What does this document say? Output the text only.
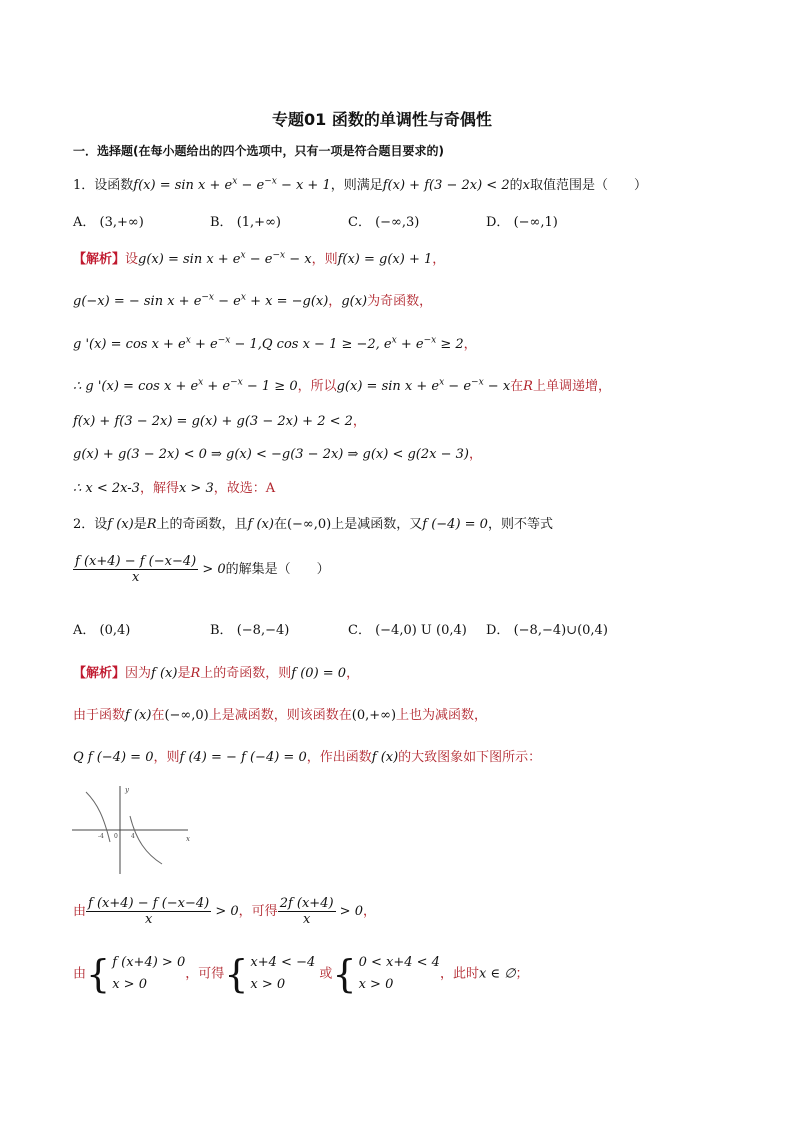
专题01 函数的单调性与奇偶性
一．选择题(在每小题给出的四个选项中，只有一项是符合题目要求的)
1．设函数$f(x) = \sin x + e^x - e^{-x} - x + 1$，则满足f(x) + f(3 − 2x) < 2的x取值范围是（　　）
A． (3,+∞)	B． (1,+∞)	C． (−∞,3)	D． (−∞,1)
【解析】设$g(x) = \sin x + e^x - e^{-x} - x$，则f(x) = g(x) + 1，
g(−x) = − $\sin x + e^{-x} - e^x + x = -g(x)$，g(x)为奇函数，
g '$(x) = \cos x + e^x + e^{-x} - 1,Q$ cos x − 1 ≥ −2, $e^x + e^{-x} \ge 2$，
∴ g '$(x) = \cos x + e^x + e^{-x} - 1 \ge 0$，所以$g(x) = \sin x + e^x - e^{-x} - x$在R上单调递增，
f(x) + f(3 − 2x) = g(x) + g(3 − 2x) + 2 < 2，
g(x) + g(3 − 2x) < 0 ⇒ g(x) < −g(3 − 2x) ⇒ g(x) < g(2x − 3)，
∴ x < 2x-3，解得x > 3，故选：A
2．设f (x)是R上的奇函数，且f (x)在(−∞,0)上是减函数，又f (−4) = 0，则不等式
$\frac{f (x+4) - f (-x-4)}{x} > 0$的解集是（　　）
A． (0,4)	B． (−8,−4)	C． (−4,0) U (0,4) D． (−8,−4)∪(0,4)
【解析】因为f (x)是R上的奇函数，则f (0) = 0，
由于函数f (x)在(−∞,0)上是减函数，则该函数在(0,+∞)上也为减函数，
Q f (−4) = 0，则f (4) = − f (−4) = 0，作出函数f (x)的大致图象如下图所示：
y
x
0
-4	4
由 $\frac{f (x+4) - f (-x-4)}{x} > 0$，可得 $\frac{2f (x+4)}{x} > 0$，
由{ f (x+4) > 0
x > 0
，可得{ x+4 < −4
x > 0
或{ 0 < x+4 < 4
x > 0
，此时x ∈ ∅；
